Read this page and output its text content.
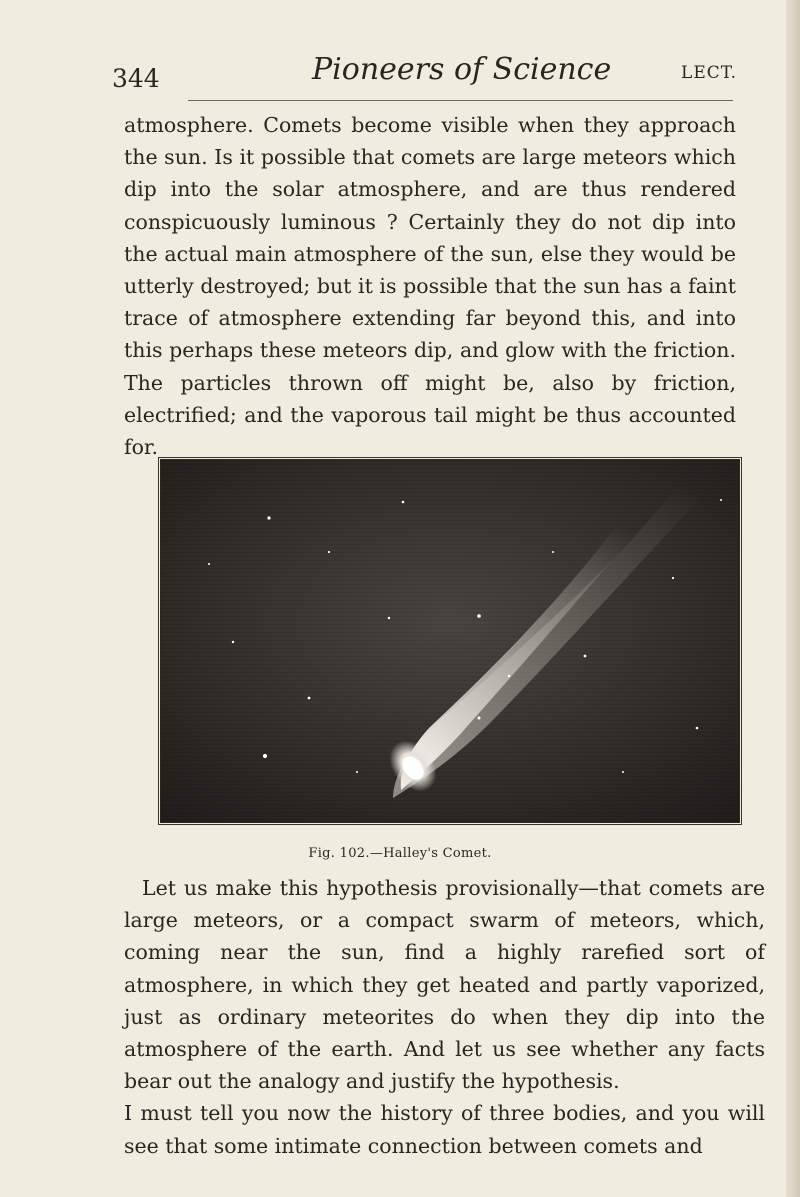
344	Pioneers of Science	LECT.

atmosphere. Comets become visible when they approach the sun. Is it possible that comets are large meteors which dip into the solar atmosphere, and are thus rendered conspicuously luminous ? Certainly they do not dip into the actual main atmosphere of the sun, else they would be utterly destroyed; but it is possible that the sun has a faint trace of atmosphere extending far beyond this, and into this perhaps these meteors dip, and glow with the friction. The particles thrown off might be, also by friction, electrified; and the vaporous tail might be thus accounted for.

Fig. 102.—Halley's Comet.

Let us make this hypothesis provisionally—that comets are large meteors, or a compact swarm of meteors, which, coming near the sun, find a highly rarefied sort of atmosphere, in which they get heated and partly vaporized, just as ordinary meteorites do when they dip into the atmosphere of the earth. And let us see whether any facts bear out the analogy and justify the hypothesis.
I must tell you now the history of three bodies, and you will see that some intimate connection between comets and
